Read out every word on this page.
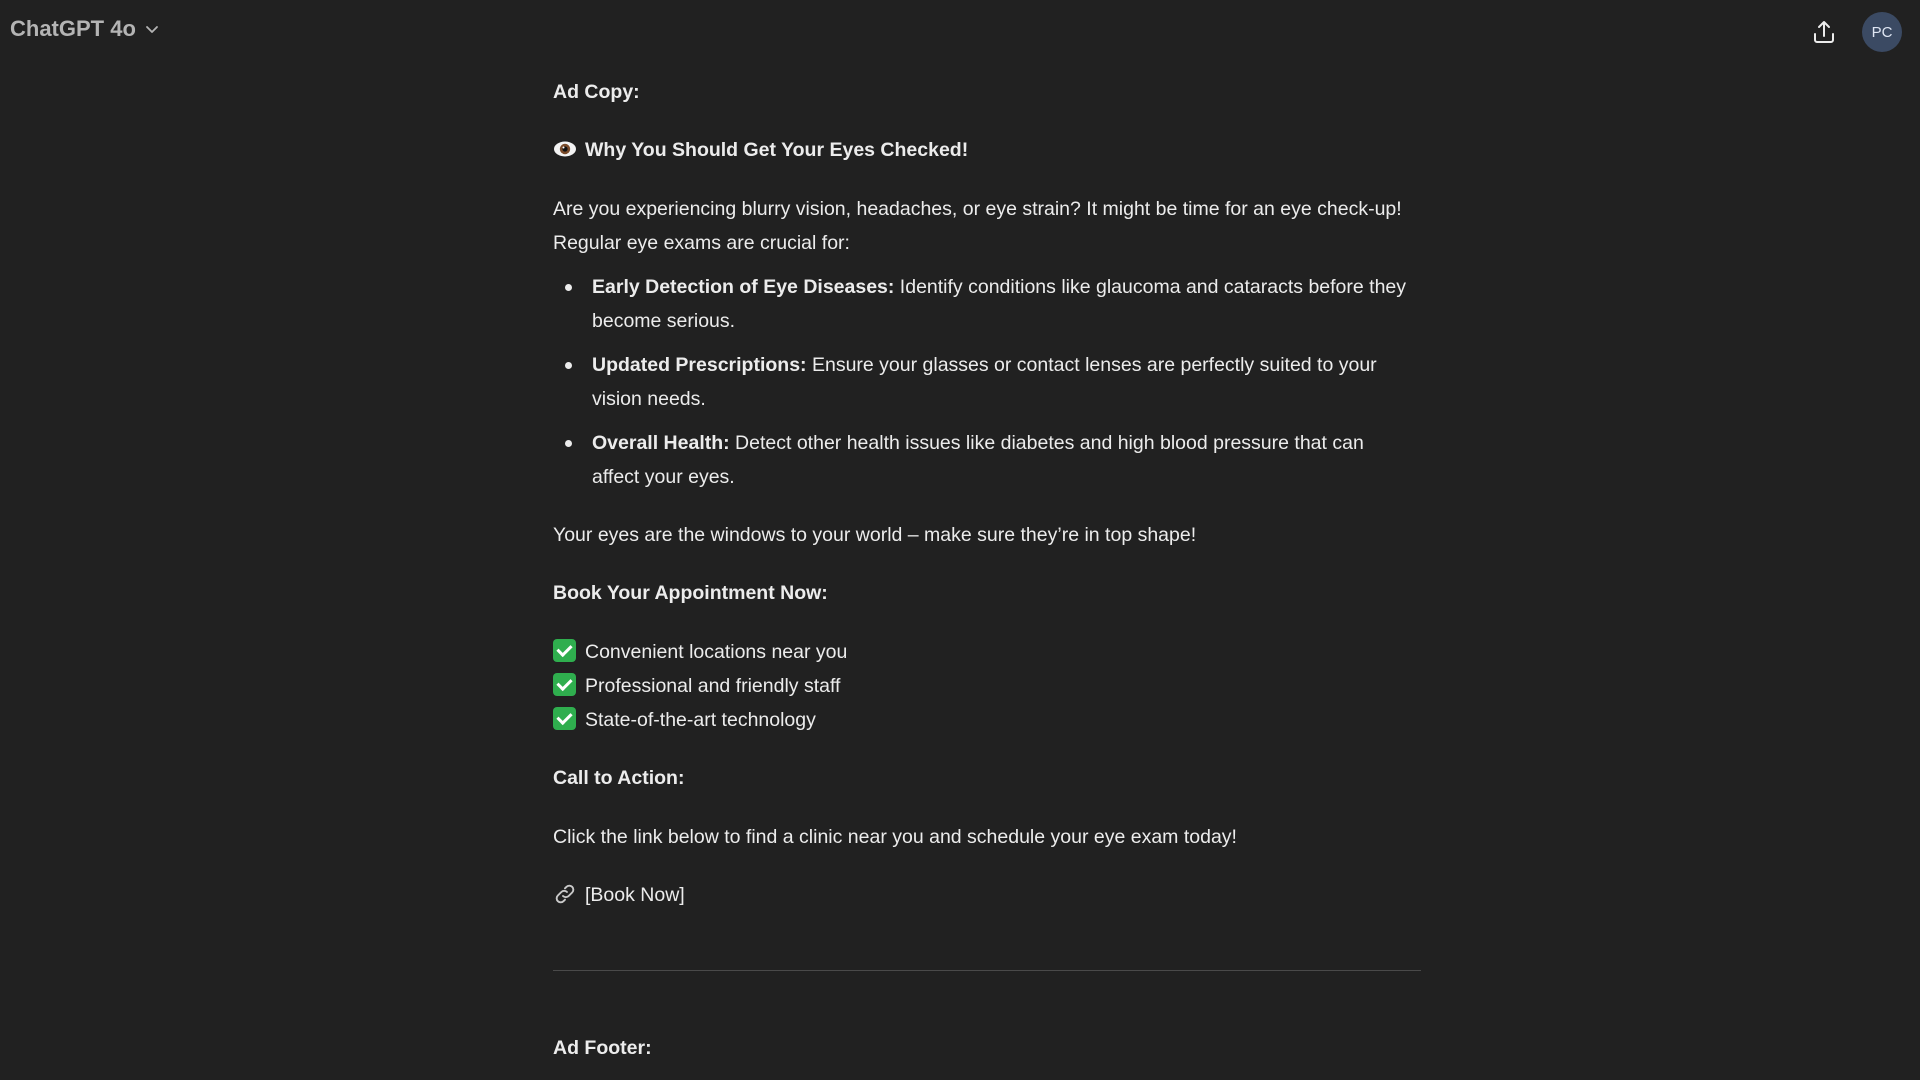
ChatGPT 4o	PC

Ad Copy:

Why You Should Get Your Eyes Checked!

Are you experiencing blurry vision, headaches, or eye strain? It might be time for an eye check-up!

Regular eye exams are crucial for:

Early Detection of Eye Diseases: Identify conditions like glaucoma and cataracts before they
become serious.
Updated Prescriptions: Ensure your glasses or contact lenses are perfectly suited to your
vision needs.
Overall Health: Detect other health issues like diabetes and high blood pressure that can
affect your eyes.

Your eyes are the windows to your world – make sure they’re in top shape!

Book Your Appointment Now:

Convenient locations near you

Professional and friendly staff

State-of-the-art technology

Call to Action:

Click the link below to find a clinic near you and schedule your eye exam today!

[Book Now]

Ad Footer:
